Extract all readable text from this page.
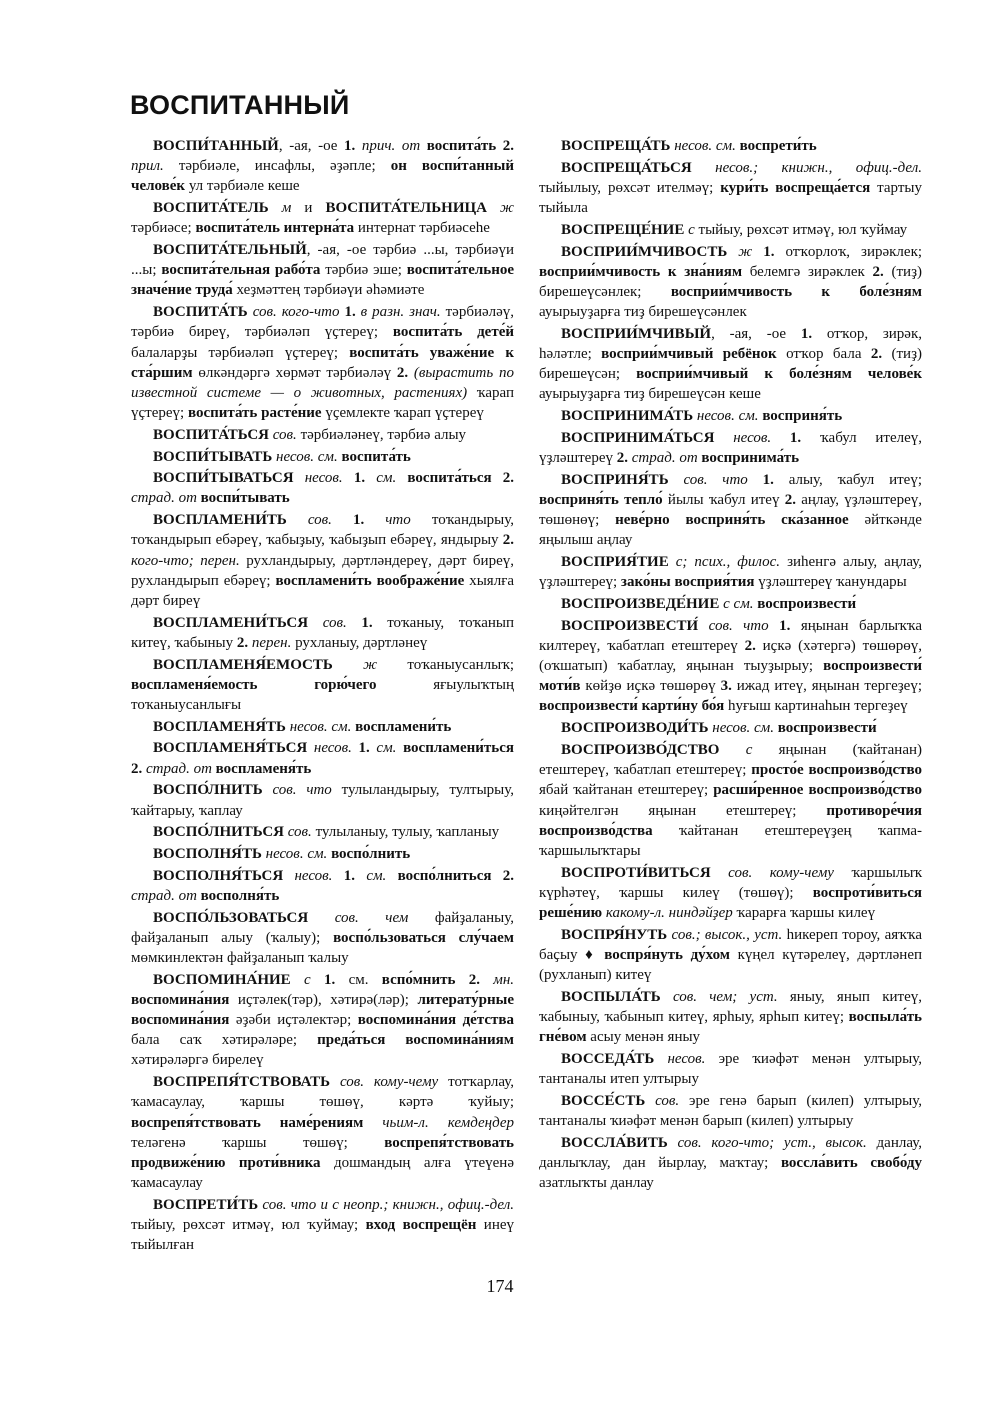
ВОСПИТАННЫЙ

ВОСПИ́ТАННЫЙ, -ая, -ое 1. прич. от воспита́ть 2. прил. тәрбиәле, инсафлы, әҙәпле; он воспи́танный челове́к ул тәрбиәле кеше

ВОСПИТА́ТЕЛЬ м и ВОСПИТА́ТЕЛЬНИЦА ж тәрбиәсе; воспита́тель интерна́та интернат тәрбиәсеһе

ВОСПИТА́ТЕЛЬНЫЙ, -ая, -ое тәрбиә ...ы, тәрбиәүи ...ы; воспита́тельная рабо́та тәрбиә эше; воспита́тельное значе́ние труда́ хеҙмәттең тәрбиәүи әһәмиәте

ВОСПИТА́ТЬ сов. кого-что 1. в разн. знач. тәрбиәләү, тәрбиә биреү, тәрбиәләп үҫтереү; воспита́ть дете́й балаларҙы тәрбиәләп үҫтереү; воспита́ть уваже́ние к ста́ршим өлкәндәргә хөрмәт тәрбиәләү 2. (вырастить по известной системе — о животных, растениях) ҡарап үҫтереү; воспита́ть расте́ние үҫемлекте ҡарап үҫтереү

ВОСПИТА́ТЬСЯ сов. тәрбиәләнеү, тәрбиә алыу

ВОСПИ́ТЫВАТЬ несов. см. воспита́ть

ВОСПИ́ТЫВАТЬСЯ несов. 1. см. воспита́ться 2. страд. от воспи́тывать

ВОСПЛАМЕНИ́ТЬ сов. 1. что тоҡандырыу, тоҡандырып ебәреү, ҡабыҙыу, ҡабыҙып ебәреү, яндырыу 2. кого-что; перен. рухландырыу, дәртләндереү, дәрт биреү, рухландырып ебәреү; воспламени́ть воображе́ние хыялға дәрт биреү

ВОСПЛАМЕНИ́ТЬСЯ сов. 1. тоҡаныу, тоҡанып китеү, ҡабыныу 2. перен. рухланыу, дәртләнеү

ВОСПЛАМЕНЯ́ЕМОСТЬ ж тоҡаныусанлыҡ; воспламеня́емость горю́чего яғыулыҡтың тоҡаныусанлығы

ВОСПЛАМЕНЯ́ТЬ несов. см. воспламени́ть

ВОСПЛАМЕНЯ́ТЬСЯ несов. 1. см. воспламени́ться 2. страд. от воспламеня́ть

ВОСПО́ЛНИТЬ сов. что тулыландырыу, тултырыу, ҡайтарыу, ҡаплау

ВОСПО́ЛНИТЬСЯ сов. тулыланыу, тулыу, ҡапланыу

ВОСПОЛНЯ́ТЬ несов. см. воспо́лнить

ВОСПОЛНЯ́ТЬСЯ несов. 1. см. воспо́лниться 2. страд. от восполня́ть

ВОСПО́ЛЬЗОВАТЬСЯ сов. чем файҙаланыу, файҙаланып алыу (ҡалыу); воспо́льзоваться слу́чаем мөмкинлектән файҙаланып ҡалыу

ВОСПОМИНА́НИЕ с 1. см. вспо́мнить 2. мн. воспомина́ния иҫтәлек(тәр), хәтирә(ләр); литерату́рные воспомина́ния әҙәби иҫтәлектәр; воспомина́ния де́тства бала саҡ хәтирәләре; преда́ться воспомина́ниям хәтирәләргә бирелеү

ВОСПРЕПЯ́ТСТВОВАТЬ сов. кому-чему тотҡарлау, ҡамасаулау, ҡаршы төшөү, кәртә ҡуйыу; воспрепя́тствовать наме́рениям чьим-л. кемдеңдер теләгенә ҡаршы төшөү; воспрепя́тствовать продвиже́нию проти́вника дошмандың алға үтеүенә ҡамасаулау

ВОСПРЕТИ́ТЬ сов. что и с неопр.; книжн., офиц.-дел. тыйыу, рөхсәт итмәү, юл ҡуймау; вход воспрещён инеү тыйылған

ВОСПРЕЩА́ТЬ несов. см. воспрети́ть

ВОСПРЕЩА́ТЬСЯ несов.; книжн., офиц.-дел. тыйылыу, рөхсәт ителмәү; кури́ть воспреща́ется тартыу тыйыла

ВОСПРЕЩЕ́НИЕ с тыйыу, рөхсәт итмәү, юл ҡуймау

ВОСПРИИ́МЧИВОСТЬ ж 1. отҡорлоҡ, зирәклек; восприи́мчивость к зна́ниям белемгә зирәклек 2. (тиҙ) бирешеүсәнлек; восприи́мчивость к боле́зням ауырыуҙарға тиҙ бирешеүсәнлек

ВОСПРИИ́МЧИВЫЙ, -ая, -ое 1. отҡор, зирәк, һәләтле; восприи́мчивый ребёнок отҡор бала 2. (тиҙ) бирешеүсән; восприи́мчивый к боле́зням челове́к ауырыуҙарға тиҙ бирешеүсән кеше

ВОСПРИНИМА́ТЬ несов. см. восприня́ть

ВОСПРИНИМА́ТЬСЯ несов. 1. ҡабул ителеү, үҙләштереү 2. страд. от воспринима́ть

ВОСПРИНЯ́ТЬ сов. что 1. алыу, ҡабул итеү; восприня́ть тепло́ йылы ҡабул итеү 2. аңлау, үҙләштереү, төшөнөү; неве́рно восприня́ть ска́занное әйткәнде яңылыш аңлау

ВОСПРИЯ́ТИЕ с; псих., филос. зиһенгә алыу, аңлау, үҙләштереү; зако́ны восприя́тия үҙләштереү ҡанундары

ВОСПРОИЗВЕДЕ́НИЕ с см. воспроизвести́

ВОСПРОИЗВЕСТИ́ сов. что 1. яңынан барлыҡҡа килтереү, ҡабатлап етештереү 2. иҫкә (хәтергә) төшөрөү, (оҡшатып) ҡабатлау, яңынан тыуҙырыу; воспроизвести́ моти́в көйҙө иҫкә төшөрөү 3. ижад итеү, яңынан тергеҙеү; воспроизвести́ карти́ну бо́я һуғыш картинаһын тергеҙеү

ВОСПРОИЗВОДИ́ТЬ несов. см. воспроизвести́

ВОСПРОИЗВО́ДСТВО с яңынан (ҡайтанан) етештереү, ҡабатлап етештереү; просто́е воспроизво́дство ябай ҡайтанан етештереү; расши́ренное воспроизво́дство киңәйтелгән яңынан етештереү; противоре́чия воспроизво́дства ҡайтанан етештереүҙең ҡапма-ҡаршылыҡтары

ВОСПРОТИ́ВИТЬСЯ сов. кому-чему ҡаршылыҡ күрһәтеү, ҡаршы килеү (төшөү); воспроти́виться реше́нию какому-л. ниндәйҙер ҡарарға ҡаршы килеү

ВОСПРЯ́НУТЬ сов.; высок., уст. һикереп тороу, аяҡҡа баҫыу ♦ воспря́нуть ду́хом күңел күтәрелеү, дәртләнеп (рухланып) китеү

ВОСПЫЛА́ТЬ сов. чем; уст. яныу, янып китеү, ҡабыныу, ҡабынып китеү, ярһыу, ярһып китеү; воспыла́ть гне́вом асыу менән яныу

ВОССЕДА́ТЬ несов. эре ҡиәфәт менән ултырыу, тантаналы итеп ултырыу

ВОССЕ́СТЬ сов. эре генә барып (килеп) ултырыу, тантаналы ҡиәфәт менән барып (килеп) ултырыу

ВОССЛА́ВИТЬ сов. кого-что; уст., высок. данлау, данлыҡлау, дан йырлау, маҡтау; воссла́вить свобо́ду азатлыҡты данлау

174
